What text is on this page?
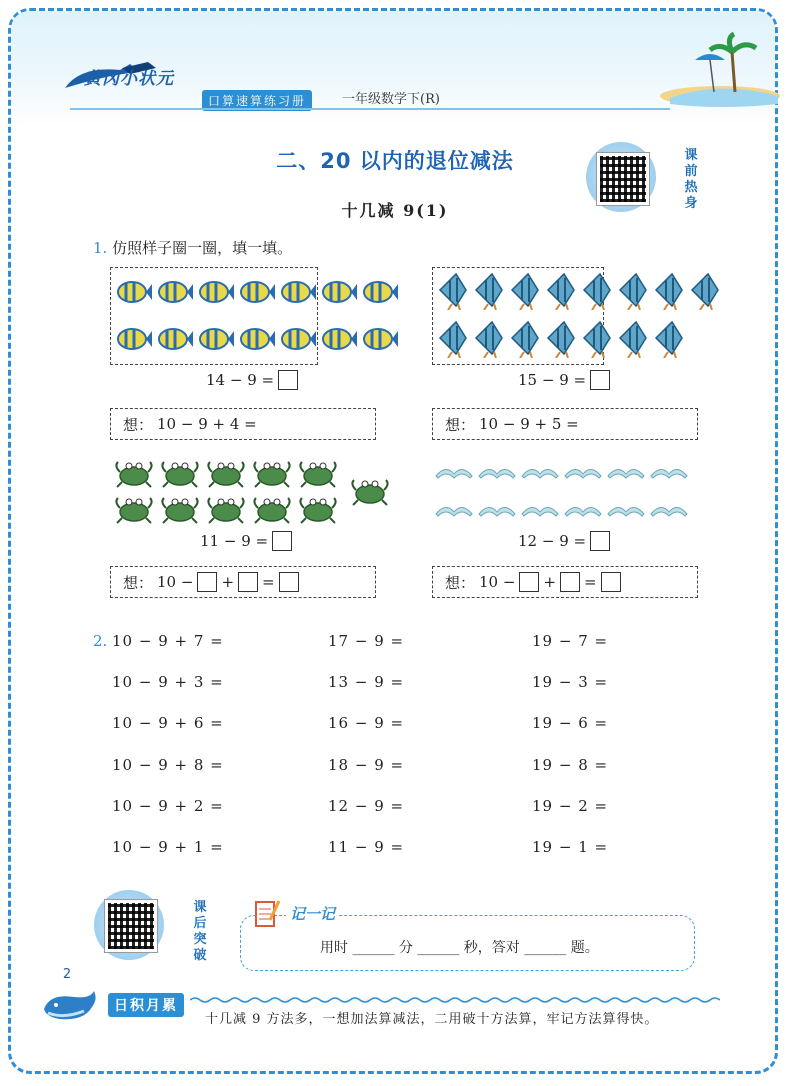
黄冈小状元
口算速算练习册	一年级数学下(R)
二、20 以内的退位减法
十几减 9(1)
课前热身
1. 仿照样子圈一圈，填一填。
14 − 9 =
想： 10 − 9 + 4 =
15 − 9 =
想： 10 − 9 + 5 =
11 − 9 =
想： 10 − + =
12 − 9 =
想： 10 − + =
2. 10 − 9 + 7 =
10 − 9 + 3 =
10 − 9 + 6 =
10 − 9 + 8 =
10 − 9 + 2 =
10 − 9 + 1 =
17 − 9 =
13 − 9 =
16 − 9 =
18 − 9 =
12 − 9 =
11 − 9 =
19 − 7 =
19 − 3 =
19 − 6 =
19 − 8 =
19 − 2 =
19 − 1 =
课后突破
记一记
用时 ______ 分 ______ 秒，答对 ______ 题。
2
日积月累
十几减 9 方法多，一想加法算减法，二用破十方法算，牢记方法算得快。
